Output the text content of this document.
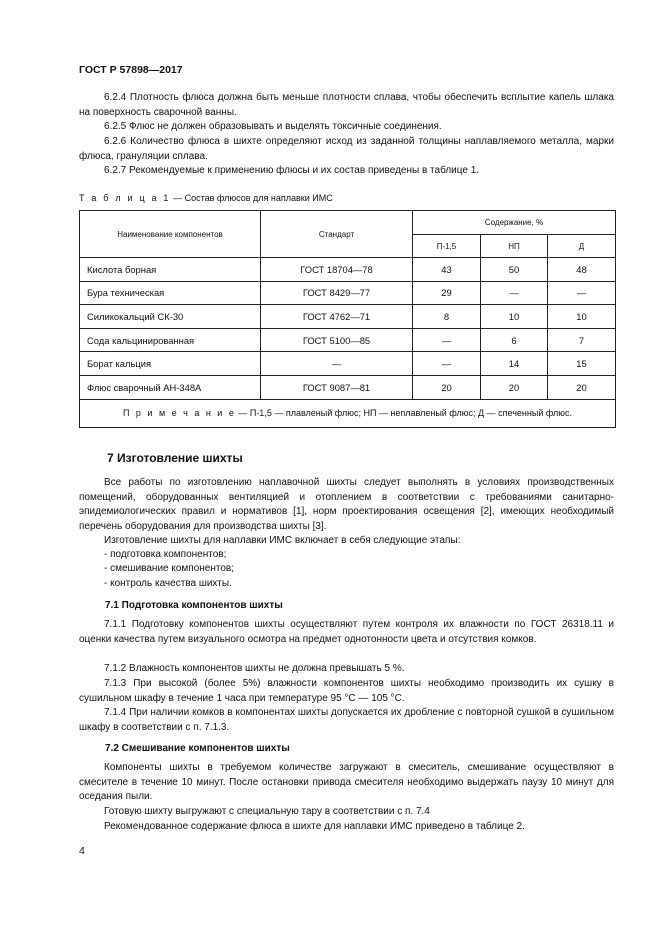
ГОСТ Р 57898—2017

6.2.4 Плотность флюса должна быть меньше плотности сплава, чтобы обеспечить всплытие капель шлака на поверхность сварочной ванны.

6.2.5 Флюс не должен образовывать и выделять токсичные соединения.

6.2.6 Количество флюса в шихте определяют исход из заданной толщины наплавляемого металла, марки флюса, грануляции сплава.

6.2.7 Рекомендуемые к применению флюсы и их состав приведены в таблице 1.

Т а б л и ц а 1 — Состав флюсов для наплавки ИМС
Наименование компонентов	Стандарт	Содержание, %		
		П-1,5	НП	Д
Кислота борная	ГОСТ 18704—78	43	50	48
Бура техническая	ГОСТ 8429—77	29	—	—
Силикокальций СК-30	ГОСТ 4762—71	8	10	10
Сода кальцинированная	ГОСТ 5100—85	—	6	7
Борат кальция	—	—	14	15
Флюс сварочный АН-348А	ГОСТ 9087—81	20	20	20
П р и м е ч а н и е — П-1,5 — плавленый флюс; НП — неплавленый флюс; Д — спеченный флюс.				
7 Изготовление шихты

Все работы по изготовлению наплавочной шихты следует выполнять в условиях производственных помещений, оборудованных вентиляцией и отоплением в соответствии с требованиями санитарно-эпидемиологических правил и нормативов [1], норм проектирования освещения [2], имеющих необходимый перечень оборудования для производства шихты [3].

Изготовление шихты для наплавки ИМС включает в себя следующие этапы:

- подготовка компонентов;

- смешивание компонентов;

- контроль качества шихты.

7.1 Подготовка компонентов шихты

7.1.1 Подготовку компонентов шихты осуществляют путем контроля их влажности по ГОСТ 26318.11 и оценки качества путем визуального осмотра на предмет однотонности цвета и отсутствия комков.

7.1.2 Влажность компонентов шихты не должна превышать 5 %.

7.1.3 При высокой (более 5%) влажности компонентов шихты необходимо производить их сушку в сушильном шкафу в течение 1 часа при температуре 95 °С — 105 °С.

7.1.4 При наличии комков в компонентах шихты допускается их дробление с повторной сушкой в сушильном шкафу в соответствии с п. 7.1.3.

7.2 Смешивание компонентов шихты

Компоненты шихты в требуемом количестве загружают в смеситель, смешивание осуществляют в смесителе в течение 10 минут. После остановки привода смесителя необходимо выдержать паузу 10 минут для оседания пыли.

Готовую шихту выгружают с специальную тару в соответствии с п. 7.4

Рекомендованное содержание флюса в шихте для наплавки ИМС приведено в таблице 2.

4
